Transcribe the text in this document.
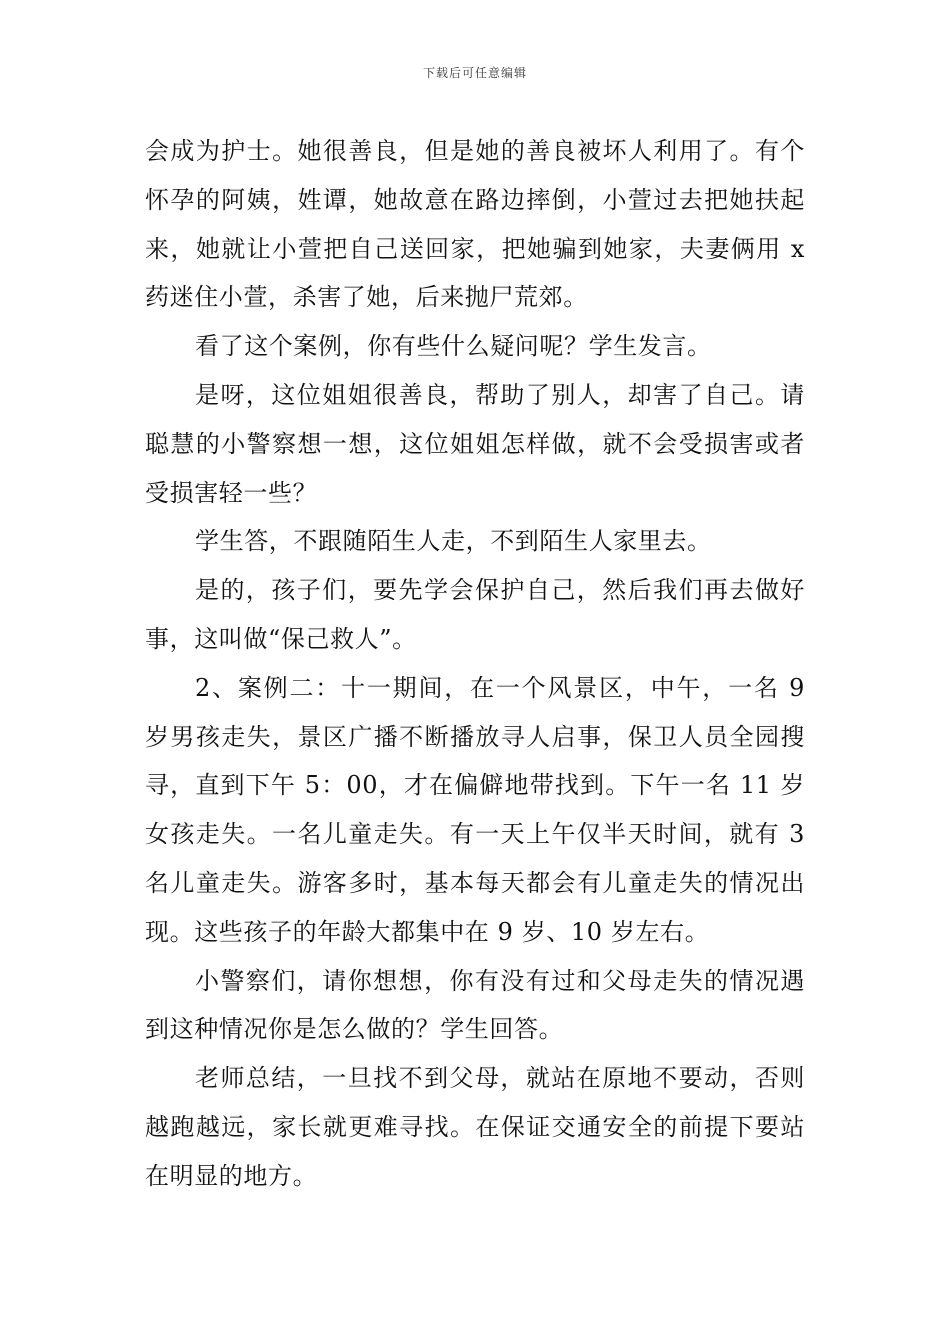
下载后可任意编辑

会成为护士。她很善良，但是她的善良被坏人利用了。有个怀孕的阿姨，姓谭，她故意在路边摔倒，小萱过去把她扶起来，她就让小萱把自己送回家，把她骗到她家，夫妻俩用 x 药迷住小萱，杀害了她，后来抛尸荒郊。

看了这个案例，你有些什么疑问呢？学生发言。

是呀，这位姐姐很善良，帮助了别人，却害了自己。请聪慧的小警察想一想，这位姐姐怎样做，就不会受损害或者受损害轻一些？

学生答，不跟随陌生人走，不到陌生人家里去。

是的，孩子们，要先学会保护自己，然后我们再去做好事，这叫做“保己救人”。

2、案例二：十一期间，在一个风景区，中午，一名 9 岁男孩走失，景区广播不断播放寻人启事，保卫人员全园搜寻，直到下午 5：00，才在偏僻地带找到。下午一名 11 岁女孩走失。一名儿童走失。有一天上午仅半天时间，就有 3 名儿童走失。游客多时，基本每天都会有儿童走失的情况出现。这些孩子的年龄大都集中在 9 岁、10 岁左右。

小警察们，请你想想，你有没有过和父母走失的情况遇到这种情况你是怎么做的？学生回答。

老师总结，一旦找不到父母，就站在原地不要动，否则越跑越远，家长就更难寻找。在保证交通安全的前提下要站在明显的地方。
